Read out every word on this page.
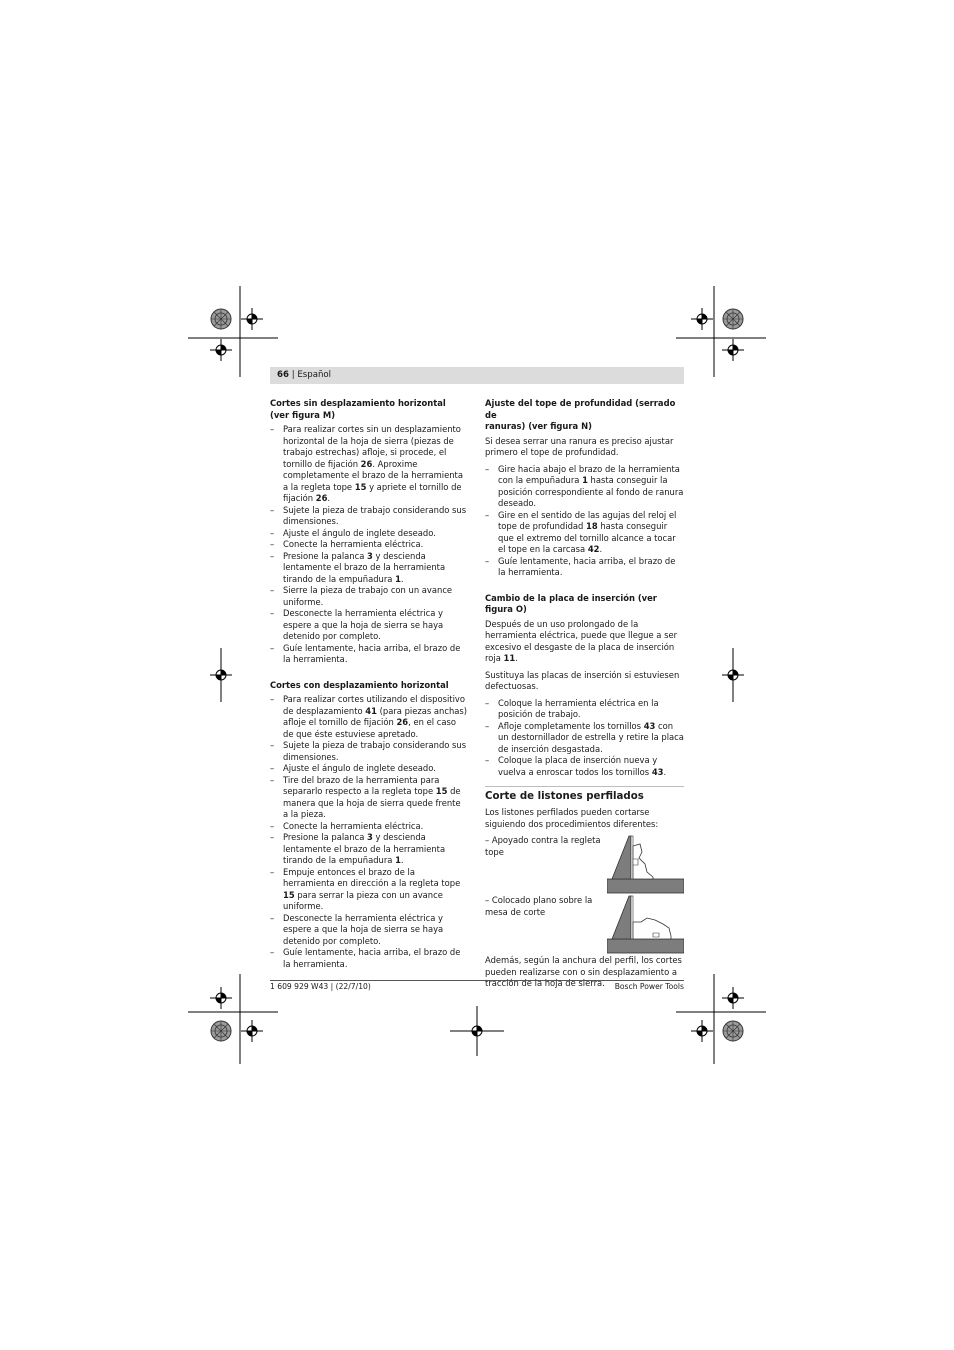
66 | Español
Cortes sin desplazamiento horizontal
(ver figura M)
– Para realizar cortes sin un desplazamiento horizontal de la hoja de sierra (piezas de trabajo estrechas) afloje, si procede, el tornillo de fijación 26. Aproxime completamente el brazo de la herramienta a la regleta tope 15 y apriete el tornillo de fijación 26.
– Sujete la pieza de trabajo considerando sus dimensiones.
– Ajuste el ángulo de inglete deseado.
– Conecte la herramienta eléctrica.
– Presione la palanca 3 y descienda lentamente el brazo de la herramienta tirando de la empuñadura 1.
– Sierre la pieza de trabajo con un avance uniforme.
– Desconecte la herramienta eléctrica y espere a que la hoja de sierra se haya detenido por completo.
– Guíe lentamente, hacia arriba, el brazo de la herramienta.
Cortes con desplazamiento horizontal
– Para realizar cortes utilizando el dispositivo de desplazamiento 41 (para piezas anchas) afloje el tornillo de fijación 26, en el caso de que éste estuviese apretado.
– Sujete la pieza de trabajo considerando sus dimensiones.
– Ajuste el ángulo de inglete deseado.
– Tire del brazo de la herramienta para separarlo respecto a la regleta tope 15 de manera que la hoja de sierra quede frente a la pieza.
– Conecte la herramienta eléctrica.
– Presione la palanca 3 y descienda lentamente el brazo de la herramienta tirando de la empuñadura 1.
– Empuje entonces el brazo de la herramienta en dirección a la regleta tope 15 para serrar la pieza con un avance uniforme.
– Desconecte la herramienta eléctrica y espere a que la hoja de sierra se haya detenido por completo.
– Guíe lentamente, hacia arriba, el brazo de la herramienta.
Ajuste del tope de profundidad (serrado de
ranuras) (ver figura N)
Si desea serrar una ranura es preciso ajustar primero el tope de profundidad.
– Gire hacia abajo el brazo de la herramienta con la empuñadura 1 hasta conseguir la posición correspondiente al fondo de ranura deseado.
– Gire en el sentido de las agujas del reloj el tope de profundidad 18 hasta conseguir que el extremo del tornillo alcance a tocar el tope en la carcasa 42.
– Guíe lentamente, hacia arriba, el brazo de la herramienta.
Cambio de la placa de inserción (ver figura O)
Después de un uso prolongado de la herramienta eléctrica, puede que llegue a ser excesivo el desgaste de la placa de inserción roja 11.
Sustituya las placas de inserción si estuviesen defectuosas.
– Coloque la herramienta eléctrica en la posición de trabajo.
– Afloje completamente los tornillos 43 con un destornillador de estrella y retire la placa de inserción desgastada.
– Coloque la placa de inserción nueva y vuelva a enroscar todos los tornillos 43.
Corte de listones perfilados
Los listones perfilados pueden cortarse siguiendo dos procedimientos diferentes:
– Apoyado contra la regleta tope
– Colocado plano sobre la mesa de corte
Además, según la anchura del perfil, los cortes pueden realizarse con o sin desplazamiento a tracción de la hoja de sierra.
1 609 929 W43 | (22/7/10)	Bosch Power Tools
